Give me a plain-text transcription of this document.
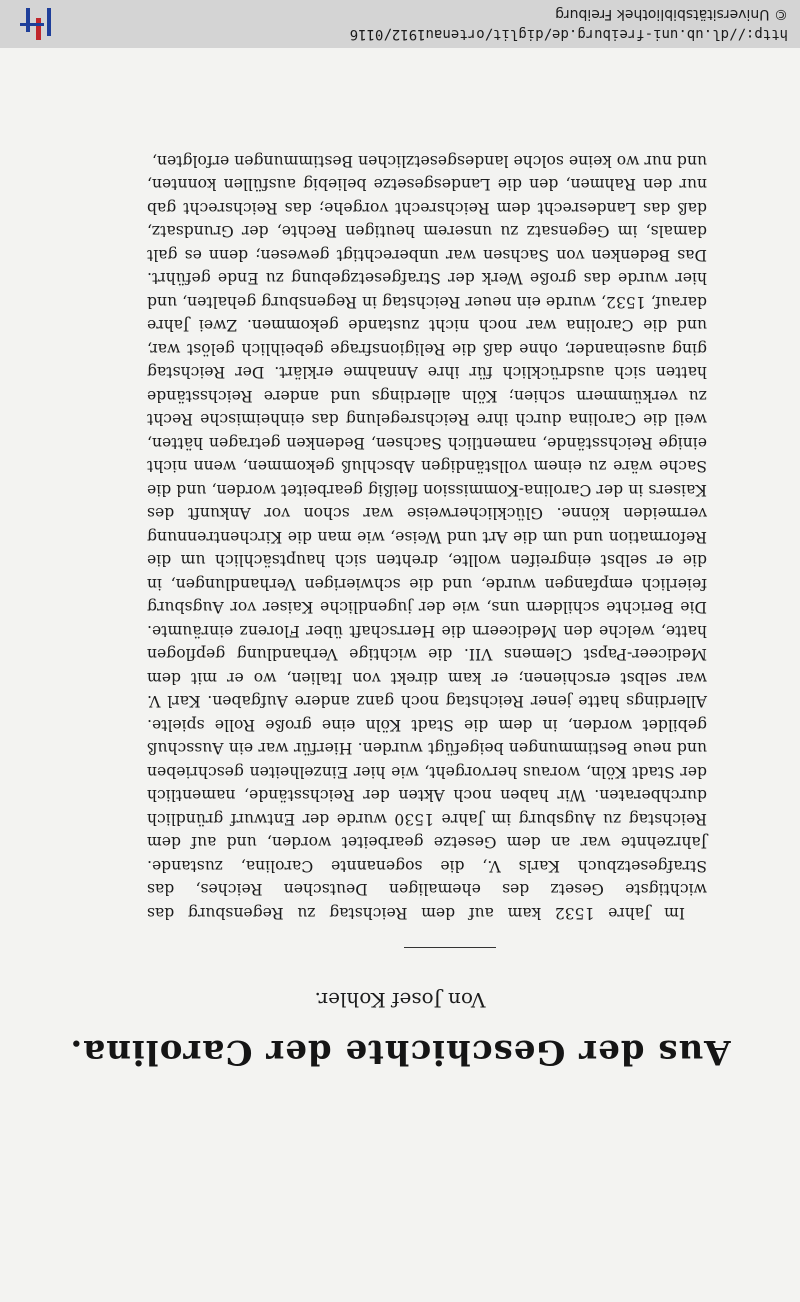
Aus der Geschichte der Carolina.
Von Josef Kohler.

Im Jahre 1532 kam auf dem Reichstag zu Regensburg das wichtigste Gesetz des ehemaligen Deutschen Reiches, das Strafgesetzbuch Karls V., die sogenannte Carolina, zustande. Jahrzehnte war an dem Gesetze gearbeitet worden, und auf dem Reichstag zu Augsburg im Jahre 1530 wurde der Entwurf gründlich durchberaten. Wir haben noch Akten der Reichsstände, namentlich der Stadt Köln, woraus hervorgeht, wie hier Einzelheiten geschrieben und neue Bestimmungen beigefügt wurden. Hierfür war ein Ausschuß gebildet worden, in dem die Stadt Köln eine große Rolle spielte. Allerdings hatte jener Reichstag noch ganz andere Aufgaben. Karl V. war selbst erschienen; er kam direkt von Italien, wo er mit dem Mediceer-Papst Clemens VII. die wichtige Verhandlung gepflogen hatte, welche den Mediceern die Herrschaft über Florenz einräumte. Die Berichte schildern uns, wie der jugendliche Kaiser vor Augsburg feierlich empfangen wurde, und die schwierigen Verhandlungen, in die er selbst eingreifen wollte, drehten sich hauptsächlich um die Reformation und um die Art und Weise, wie man die Kirchentrennung vermeiden könne. Glücklicherweise war schon vor Ankunft des Kaisers in der Carolina-Kommission fleißig gearbeitet worden, und die Sache wäre zu einem vollständigen Abschluß gekommen, wenn nicht einige Reichsstände, namentlich Sachsen, Bedenken getragen hätten, weil die Carolina durch ihre Reichsregelung das einheimische Recht zu verkümmern schien; Köln allerdings und andere Reichsstände hatten sich ausdrücklich für ihre Annahme erklärt. Der Reichstag ging auseinander, ohne daß die Religionsfrage gebeihlich gelöst war, und die Carolina war noch nicht zustande gekommen. Zwei Jahre darauf, 1532, wurde ein neuer Reichstag in Regensburg gehalten, und hier wurde das große Werk der Strafgesetzgebung zu Ende geführt. Das Bedenken von Sachsen war unberechtigt gewesen; denn es galt damals, im Gegensatz zu unserem heutigen Rechte, der Grundsatz, daß das Landesrecht dem Reichsrecht vorgehe; das Reichsrecht gab nur den Rahmen, den die Landesgesetze beliebig ausfüllen konnten, und nur wo keine solche landesgesetzlichen Bestimmungen erfolgten,

http://dl.ub.uni-freiburg.de/diglit/ortenau1912/0116
© Universitätsbibliothek Freiburg
